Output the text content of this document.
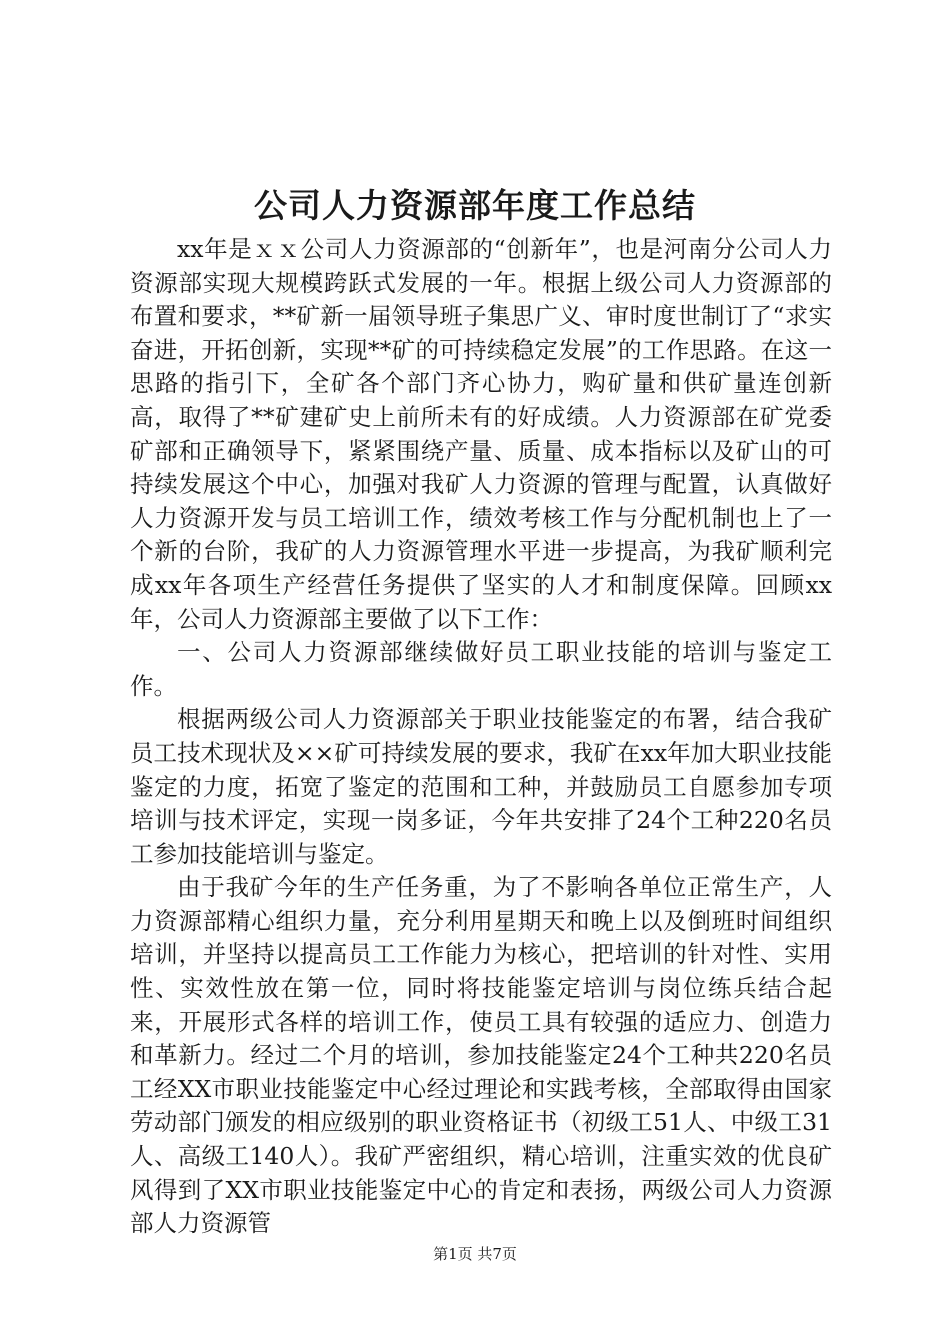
公司人力资源部年度工作总结

xx年是ｘｘ公司人力资源部的“创新年”，也是河南分公司人力资源部实现大规模跨跃式发展的一年。根据上级公司人力资源部的布置和要求，**矿新一届领导班子集思广义、审时度世制订了“求实奋进，开拓创新，实现**矿的可持续稳定发展”的工作思路。在这一思路的指引下，全矿各个部门齐心协力，购矿量和供矿量连创新高，取得了**矿建矿史上前所未有的好成绩。人力资源部在矿党委矿部和正确领导下，紧紧围绕产量、质量、成本指标以及矿山的可持续发展这个中心，加强对我矿人力资源的管理与配置，认真做好人力资源开发与员工培训工作，绩效考核工作与分配机制也上了一个新的台阶，我矿的人力资源管理水平进一步提高，为我矿顺利完成xx年各项生产经营任务提供了坚实的人才和制度保障。回顾xx年，公司人力资源部主要做了以下工作：

一、公司人力资源部继续做好员工职业技能的培训与鉴定工作。

根据两级公司人力资源部关于职业技能鉴定的布署，结合我矿员工技术现状及××矿可持续发展的要求，我矿在xx年加大职业技能鉴定的力度，拓宽了鉴定的范围和工种，并鼓励员工自愿参加专项培训与技术评定，实现一岗多证，今年共安排了24个工种220名员工参加技能培训与鉴定。

由于我矿今年的生产任务重，为了不影响各单位正常生产，人力资源部精心组织力量，充分利用星期天和晚上以及倒班时间组织培训，并坚持以提高员工工作能力为核心，把培训的针对性、实用性、实效性放在第一位，同时将技能鉴定培训与岗位练兵结合起来，开展形式各样的培训工作，使员工具有较强的适应力、创造力和革新力。经过二个月的培训，参加技能鉴定24个工种共220名员工经XX市职业技能鉴定中心经过理论和实践考核，全部取得由国家劳动部门颁发的相应级别的职业资格证书（初级工51人、中级工31人、高级工140人）。我矿严密组织，精心培训，注重实效的优良矿风得到了XX市职业技能鉴定中心的肯定和表扬，两级公司人力资源部人力资源管

第1页 共7页
